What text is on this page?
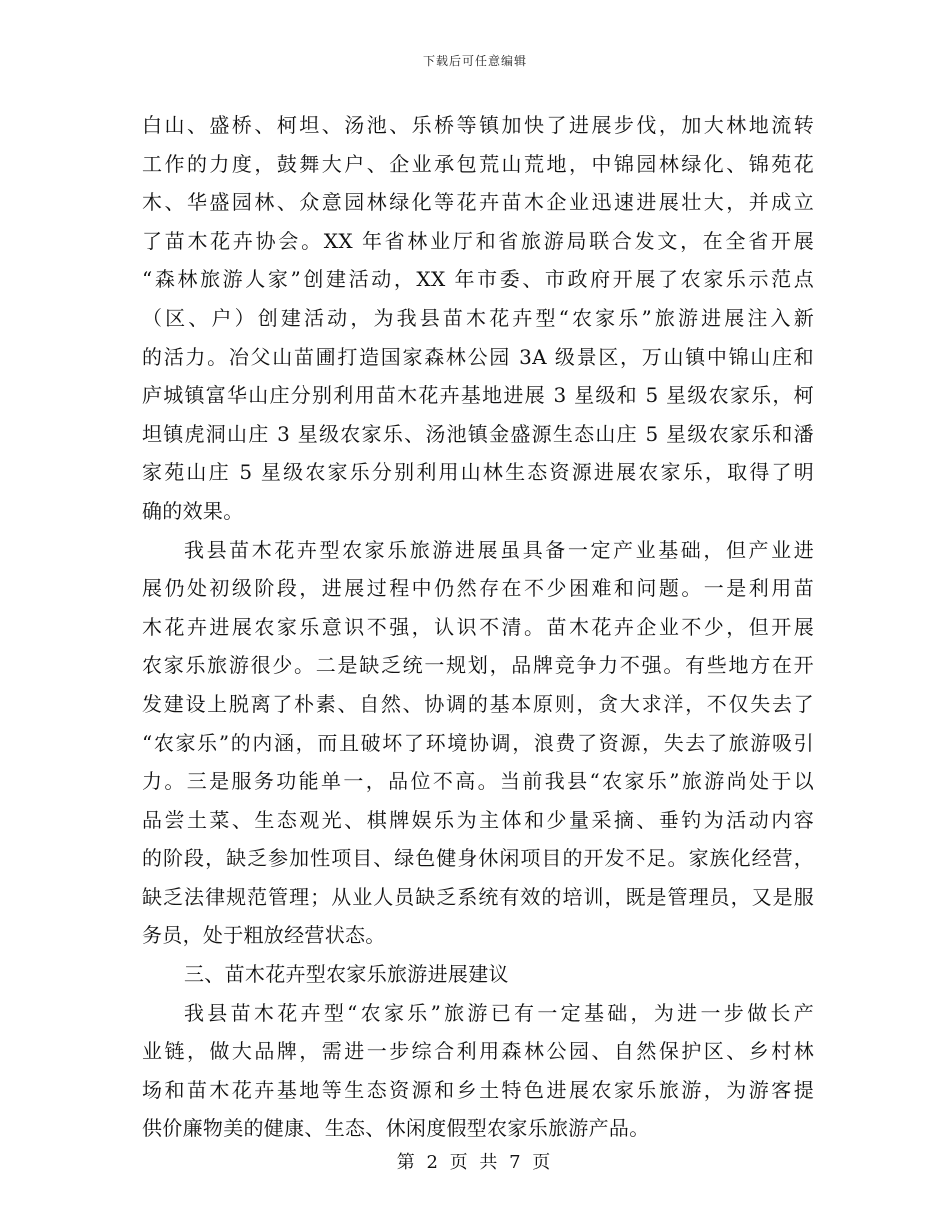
下载后可任意编辑
白山、盛桥、柯坦、汤池、乐桥等镇加快了进展步伐，加大林地流转
工作的力度，鼓舞大户、企业承包荒山荒地，中锦园林绿化、锦苑花
木、华盛园林、众意园林绿化等花卉苗木企业迅速进展壮大，并成立
了苗木花卉协会。XX 年省林业厅和省旅游局联合发文，在全省开展
“森林旅游人家”创建活动，XX 年市委、市政府开展了农家乐示范点
（区、户）创建活动，为我县苗木花卉型“农家乐”旅游进展注入新
的活力。冶父山苗圃打造国家森林公园 3A 级景区，万山镇中锦山庄和
庐城镇富华山庄分别利用苗木花卉基地进展 3 星级和 5 星级农家乐，柯
坦镇虎洞山庄 3 星级农家乐、汤池镇金盛源生态山庄 5 星级农家乐和潘
家苑山庄 5 星级农家乐分别利用山林生态资源进展农家乐，取得了明
确的效果。
我县苗木花卉型农家乐旅游进展虽具备一定产业基础，但产业进
展仍处初级阶段，进展过程中仍然存在不少困难和问题。一是利用苗
木花卉进展农家乐意识不强，认识不清。苗木花卉企业不少，但开展
农家乐旅游很少。二是缺乏统一规划，品牌竞争力不强。有些地方在开
发建设上脱离了朴素、自然、协调的基本原则，贪大求洋，不仅失去了
“农家乐”的内涵，而且破坏了环境协调，浪费了资源，失去了旅游吸引
力。三是服务功能单一，品位不高。当前我县“农家乐”旅游尚处于以
品尝土菜、生态观光、棋牌娱乐为主体和少量采摘、垂钓为活动内容
的阶段，缺乏参加性项目、绿色健身休闲项目的开发不足。家族化经营，
缺乏法律规范管理；从业人员缺乏系统有效的培训，既是管理员，又是服
务员，处于粗放经营状态。
三、苗木花卉型农家乐旅游进展建议
我县苗木花卉型“农家乐”旅游已有一定基础，为进一步做长产
业链，做大品牌，需进一步综合利用森林公园、自然保护区、乡村林
场和苗木花卉基地等生态资源和乡土特色进展农家乐旅游，为游客提
供价廉物美的健康、生态、休闲度假型农家乐旅游产品。
第 2 页 共 7 页
